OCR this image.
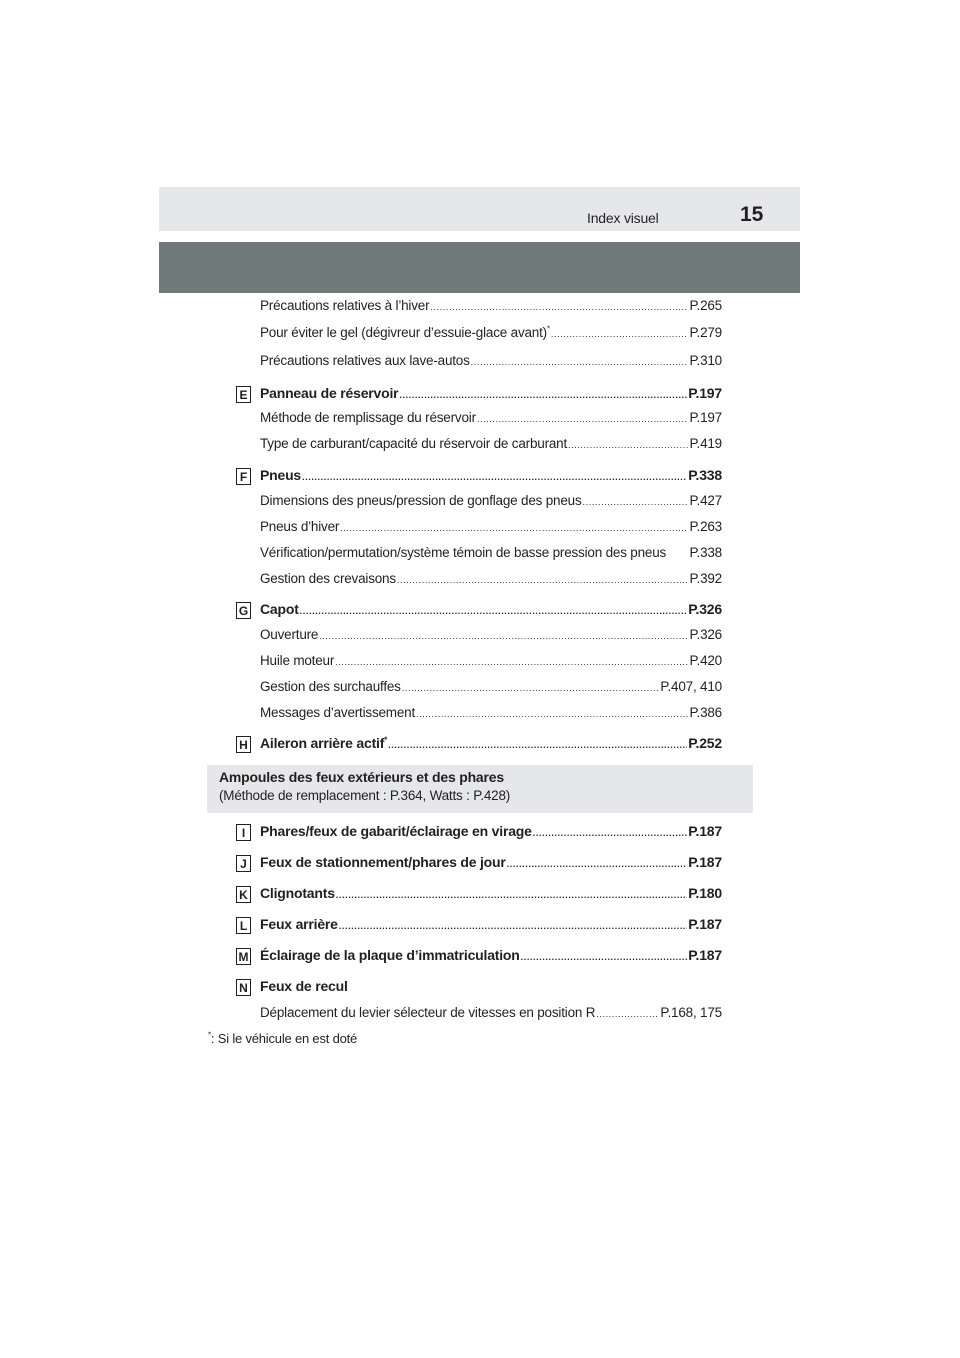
Index visuel	15
Précautions relatives à l’hiver .....	P.265
Pour éviter le gel (dégivreur d’essuie-glace avant)* .....	P.279
Précautions relatives aux lave-autos .....	P.310
E Panneau de réservoir .....	P.197
Méthode de remplissage du réservoir .....	P.197
Type de carburant/capacité du réservoir de carburant .....	P.419
F Pneus .....	P.338
Dimensions des pneus/pression de gonflage des pneus .....	P.427
Pneus d’hiver .....	P.263
Vérification/permutation/système témoin de basse pression des pneus P.338
Gestion des crevaisons .....	P.392
G Capot .....	P.326
Ouverture .....	P.326
Huile moteur .....	P.420
Gestion des surchauffes .....	P.407, 410
Messages d’avertissement .....	P.386
H Aileron arrière actif* .....	P.252
I	Phares/feux de gabarit/éclairage en virage .....	P.187
J Feux de stationnement/phares de jour .....	P.187
K Clignotants .....	P.180
L Feux arrière .....	P.187
M Éclairage de la plaque d’immatriculation .....	P.187
N Feux de recul
Déplacement du levier sélecteur de vitesses en position R .....	P.168, 175
Ampoules des feux extérieurs et des phares
(Méthode de remplacement : P.364, Watts : P.428)
*: Si le véhicule en est doté
